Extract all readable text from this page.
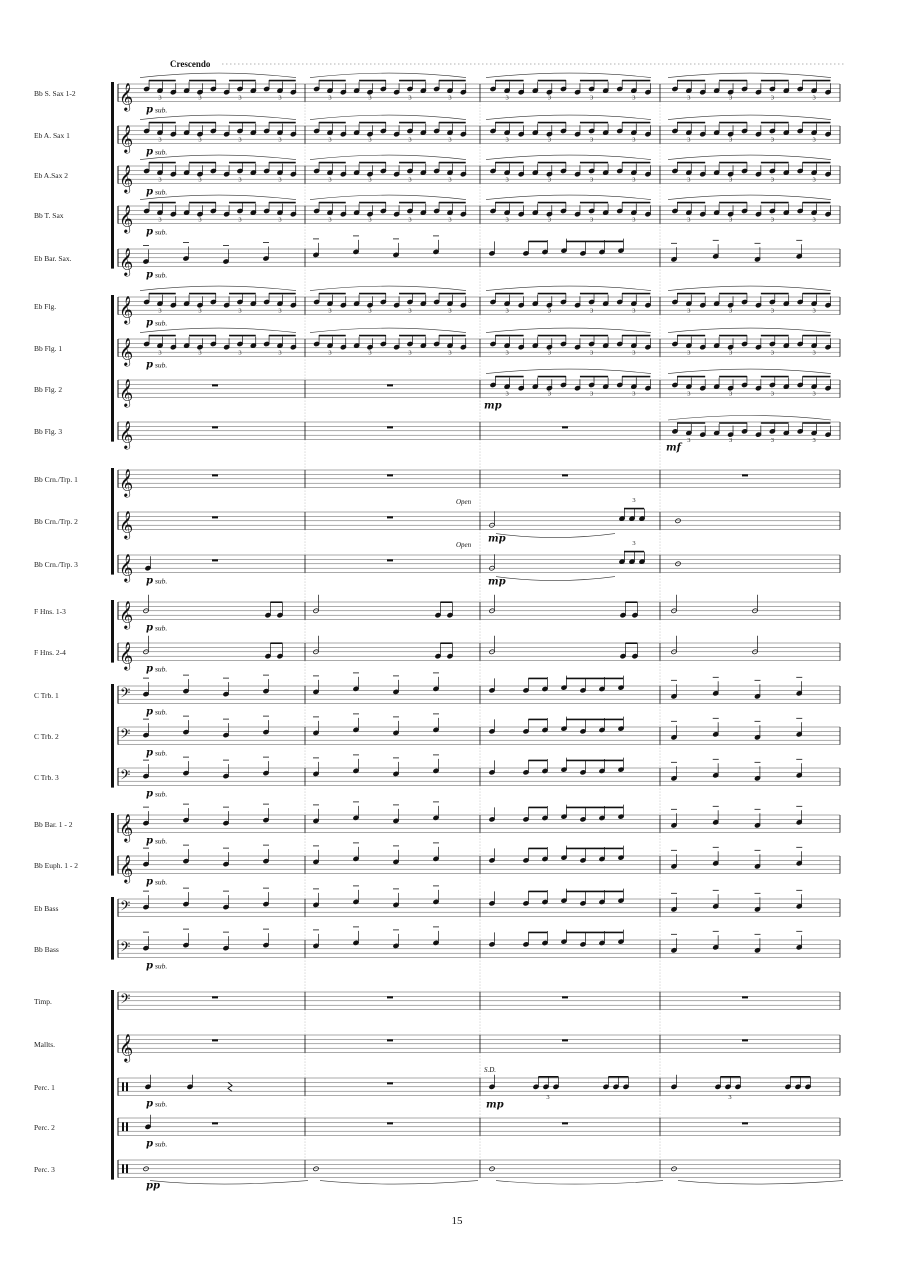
Crescendo
Bb S. Sax 1-2 𝄞	3	3	3	3	3	3	3	3	3	3	3	3	3	3	3	3
p sub.
Eb A. Sax 1 𝄞	3	3	3	3	3	3	3	3	3	3	3	3	3	3	3	3
p sub.
Eb A.Sax 2 𝄞	3	3	3	3	3	3	3	3	3	3	3	3	3	3	3	3
p sub.
Bb T. Sax 𝄞	3	3	3	3	3	3	3	3	3	3	3	3	3	3	3	3
p sub.
Eb Bar. Sax. 𝄞 p sub.
Eb Flg.	𝄞	3	3	3	3	3	3	3	3	3	3	3	3	3	3	3	3
p sub.
Bb Flg. 1 𝄞	3	3	3	3	3	3	3	3	3	3	3	3	3	3	3	3
p sub.
Bb Flg. 2 𝄞	3	3	3	3	3	3	3	3
mp
Bb Flg. 3 𝄞	3	3	3	3
mf
Bb Crn./Trp. 1 𝄞
Bb Crn./Trp. 2 𝄞
3
Open
mp
Bb Crn./Trp. 3 𝄞
3
Open
mp
p sub.
F Hns. 1-3 𝄞 p sub.
F Hns. 2-4 𝄞 p sub.
C Trb. 1	𝄢
p sub.
C Trb. 2	𝄢
p sub.
C Trb. 3	𝄢
p sub.
Bb Bar. 1 - 2 𝄞 p sub.
Bb Euph. 1 - 2 𝄞 p sub.
Eb Bass	𝄢
Bb Bass	𝄢
p sub.
Timp.	𝄢
Mallts.	𝄞
Perc. 1
3	3
S.D.
p sub.	mp
Perc. 2
p sub.
Perc. 3
pp
15
